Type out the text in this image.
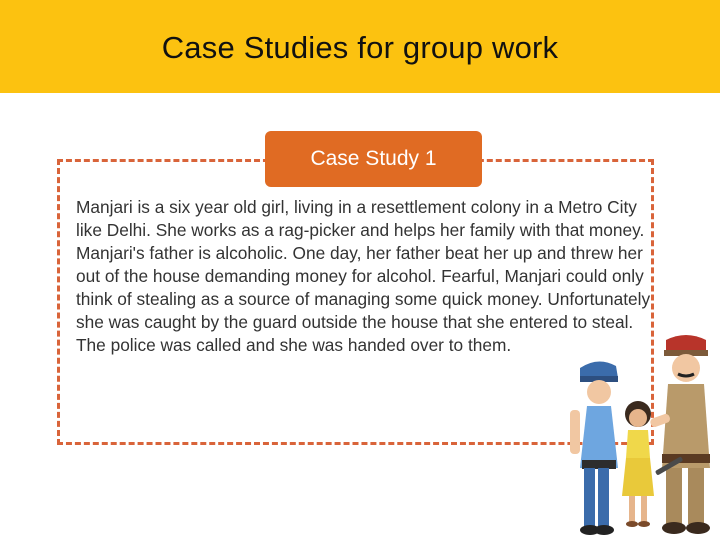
Case Studies for group work
Case Study 1

Manjari is a six year old girl, living in a resettlement colony in a Metro City like Delhi. She works as a rag-picker and helps her family with that money. Manjari's father is alcoholic. One day, her father beat her up and threw her out of the house demanding money for alcohol. Fearful, Manjari could only think of stealing as a source of managing some quick money. Unfortunately she was caught by the guard outside the house that she entered to steal. The police was called and she was handed over to them.
